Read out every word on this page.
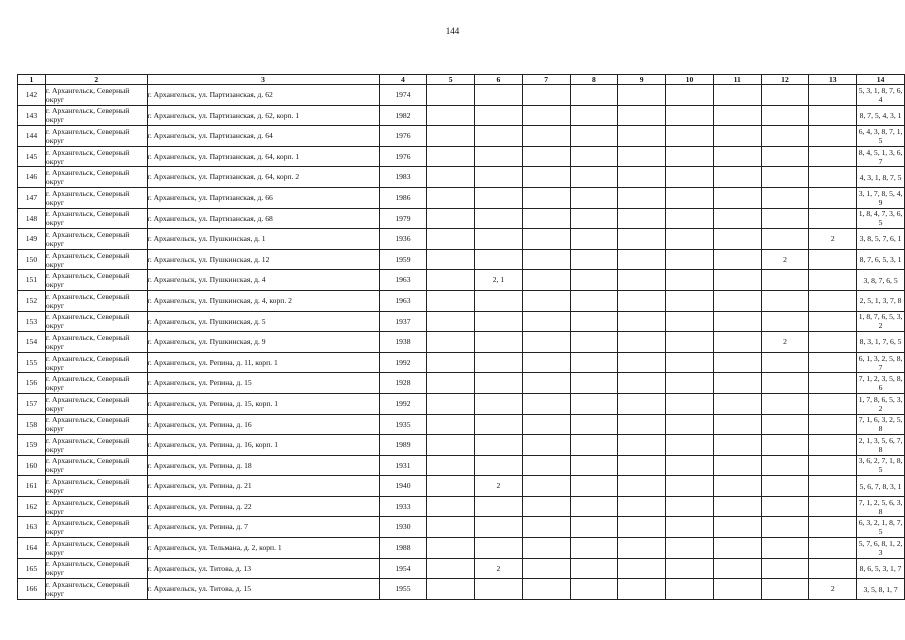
144
1	2	3	4	5	6	7	8	9	10	11	12	13	14
142	г. Архангельск, Северный округ	г. Архангельск, ул. Партизанская, д. 62	1974										5, 3, 1, 8, 7, 6, 4
143	г. Архангельск, Северный округ	г. Архангельск, ул. Партизанская, д. 62, корп. 1	1982										8, 7, 5, 4, 3, 1
144	г. Архангельск, Северный округ	г. Архангельск, ул. Партизанская, д. 64	1976										6, 4, 3, 8, 7, 1, 5
145	г. Архангельск, Северный округ	г. Архангельск, ул. Партизанская, д. 64, корп. 1	1976										8, 4, 5, 1, 3, 6, 7
146	г. Архангельск, Северный округ	г. Архангельск, ул. Партизанская, д. 64, корп. 2	1983										4, 3, 1, 8, 7, 5
147	г. Архангельск, Северный округ	г. Архангельск, ул. Партизанская, д. 66	1986										3, 1, 7, 8, 5, 4, 9
148	г. Архангельск, Северный округ	г. Архангельск, ул. Партизанская, д. 68	1979										1, 8, 4, 7, 3, 6, 5
149	г. Архангельск, Северный округ	г. Архангельск, ул. Пушкинская, д. 1	1936									2	3, 8, 5, 7, 6, 1
150	г. Архангельск, Северный округ	г. Архангельск, ул. Пушкинская, д. 12	1959								2		8, 7, 6, 5, 3, 1
151	г. Архангельск, Северный округ	г. Архангельск, ул. Пушкинская, д. 4	1963		2, 1								3, 8, 7, 6, 5
152	г. Архангельск, Северный округ	г. Архангельск, ул. Пушкинская, д. 4, корп. 2	1963										2, 5, 1, 3, 7, 8
153	г. Архангельск, Северный округ	г. Архангельск, ул. Пушкинская, д. 5	1937										1, 8, 7, 6, 5, 3, 2
154	г. Архангельск, Северный округ	г. Архангельск, ул. Пушкинская, д. 9	1938								2		8, 3, 1, 7, 6, 5
155	г. Архангельск, Северный округ	г. Архангельск, ул. Репина, д. 11, корп. 1	1992										6, 1, 3, 2, 5, 8, 7
156	г. Архангельск, Северный округ	г. Архангельск, ул. Репина, д. 15	1928										7, 1, 2, 3, 5, 8, 6
157	г. Архангельск, Северный округ	г. Архангельск, ул. Репина, д. 15, корп. 1	1992										1, 7, 8, 6, 5, 3, 2
158	г. Архангельск, Северный округ	г. Архангельск, ул. Репина, д. 16	1935										7, 1, 6, 3, 2, 5, 8
159	г. Архангельск, Северный округ	г. Архангельск, ул. Репина, д. 16, корп. 1	1989										2, 1, 3, 5, 6, 7, 8
160	г. Архангельск, Северный округ	г. Архангельск, ул. Репина, д. 18	1931										3, 6, 2, 7, 1, 8, 5
161	г. Архангельск, Северный округ	г. Архангельск, ул. Репина, д. 21	1940		2								5, 6, 7, 8, 3, 1
162	г. Архангельск, Северный округ	г. Архангельск, ул. Репина, д. 22	1933										7, 1, 2, 5, 6, 3, 8
163	г. Архангельск, Северный округ	г. Архангельск, ул. Репина, д. 7	1930										6, 3, 2, 1, 8, 7, 5
164	г. Архангельск, Северный округ	г. Архангельск, ул. Тельмана, д. 2, корп. 1	1988										5, 7, 6, 8, 1, 2, 3
165	г. Архангельск, Северный округ	г. Архангельск, ул. Титова, д. 13	1954		2								8, 6, 5, 3, 1, 7
166	г. Архангельск, Северный округ	г. Архангельск, ул. Титова, д. 15	1955									2	3, 5, 8, 1, 7
